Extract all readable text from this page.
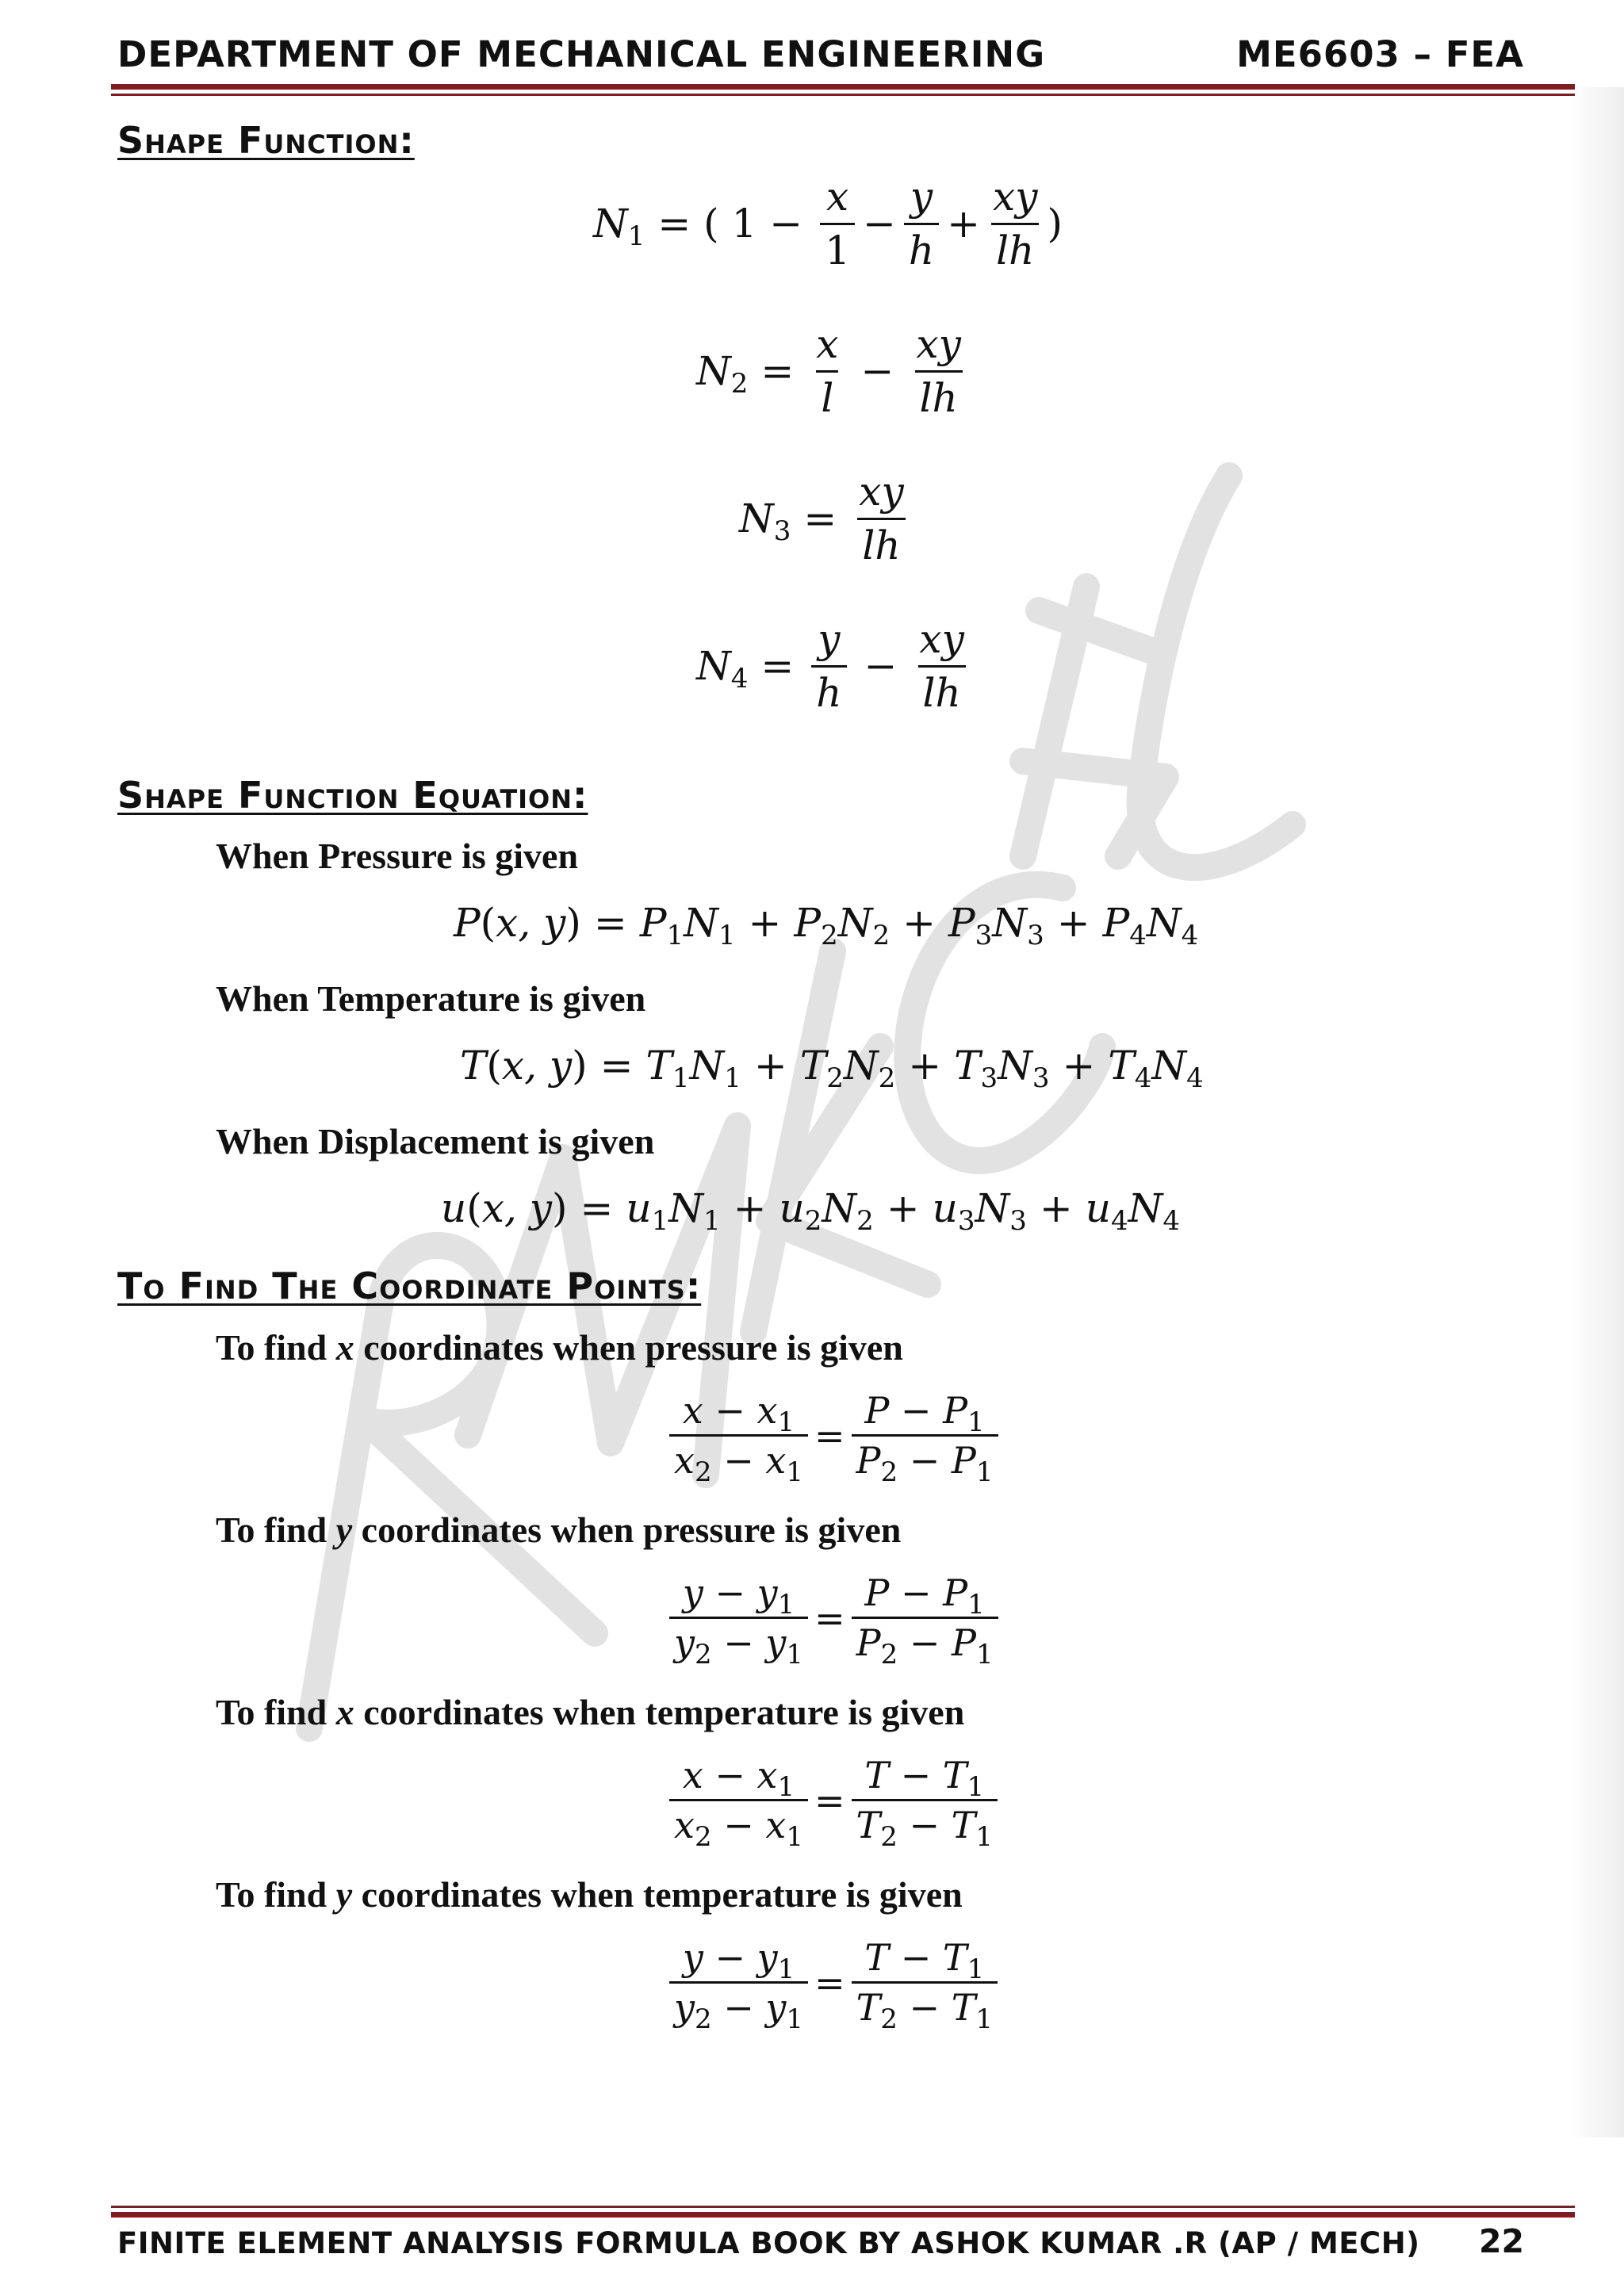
DEPARTMENT OF MECHANICAL ENGINEERING	ME6603 – FEA
Shape Function:
$N_1$ = ( $1 - \frac{x}{1} - \frac{y}{h} + \frac{xy}{lh}$ )
$N_2 = \frac{x}{l} - \frac{xy}{lh}$
$N_3 = \frac{xy}{lh}$
$N_4 = \frac{y}{h} - \frac{xy}{lh}$
Shape Function Equation:
When Pressure is given
P ( x, y ) = $P_1N_1 + P_2N_2 + P_3N_3 + P_4N_4$
When Temperature is given
T ( x, y ) = $T_1N_1 + T_2N_2 + T_3N_3 + T_4N_4$
When Displacement is given
u ( x, y ) = $u_1N_1 + u_2N_2 + u_3N_3 + u_4N_4$
To Find The Coordinate Points:
To find x coordinates when pressure is given
$\frac{x - x_1}{x_2 - x_1} = \frac{P - P_1}{P_2 - P_1}$
To find y coordinates when pressure is given
$\frac{y - y_1}{y_2 - y_1} = \frac{P - P_1}{P_2 - P_1}$
To find x coordinates when temperature is given
$\frac{x - x_1}{x_2 - x_1} = \frac{T - T_1}{T_2 - T_1}$
To find y coordinates when temperature is given
$\frac{y - y_1}{y_2 - y_1} = \frac{T - T_1}{T_2 - T_1}$
FINITE ELEMENT ANALYSIS FORMULA BOOK BY ASHOK KUMAR .R (AP / MECH) 22
